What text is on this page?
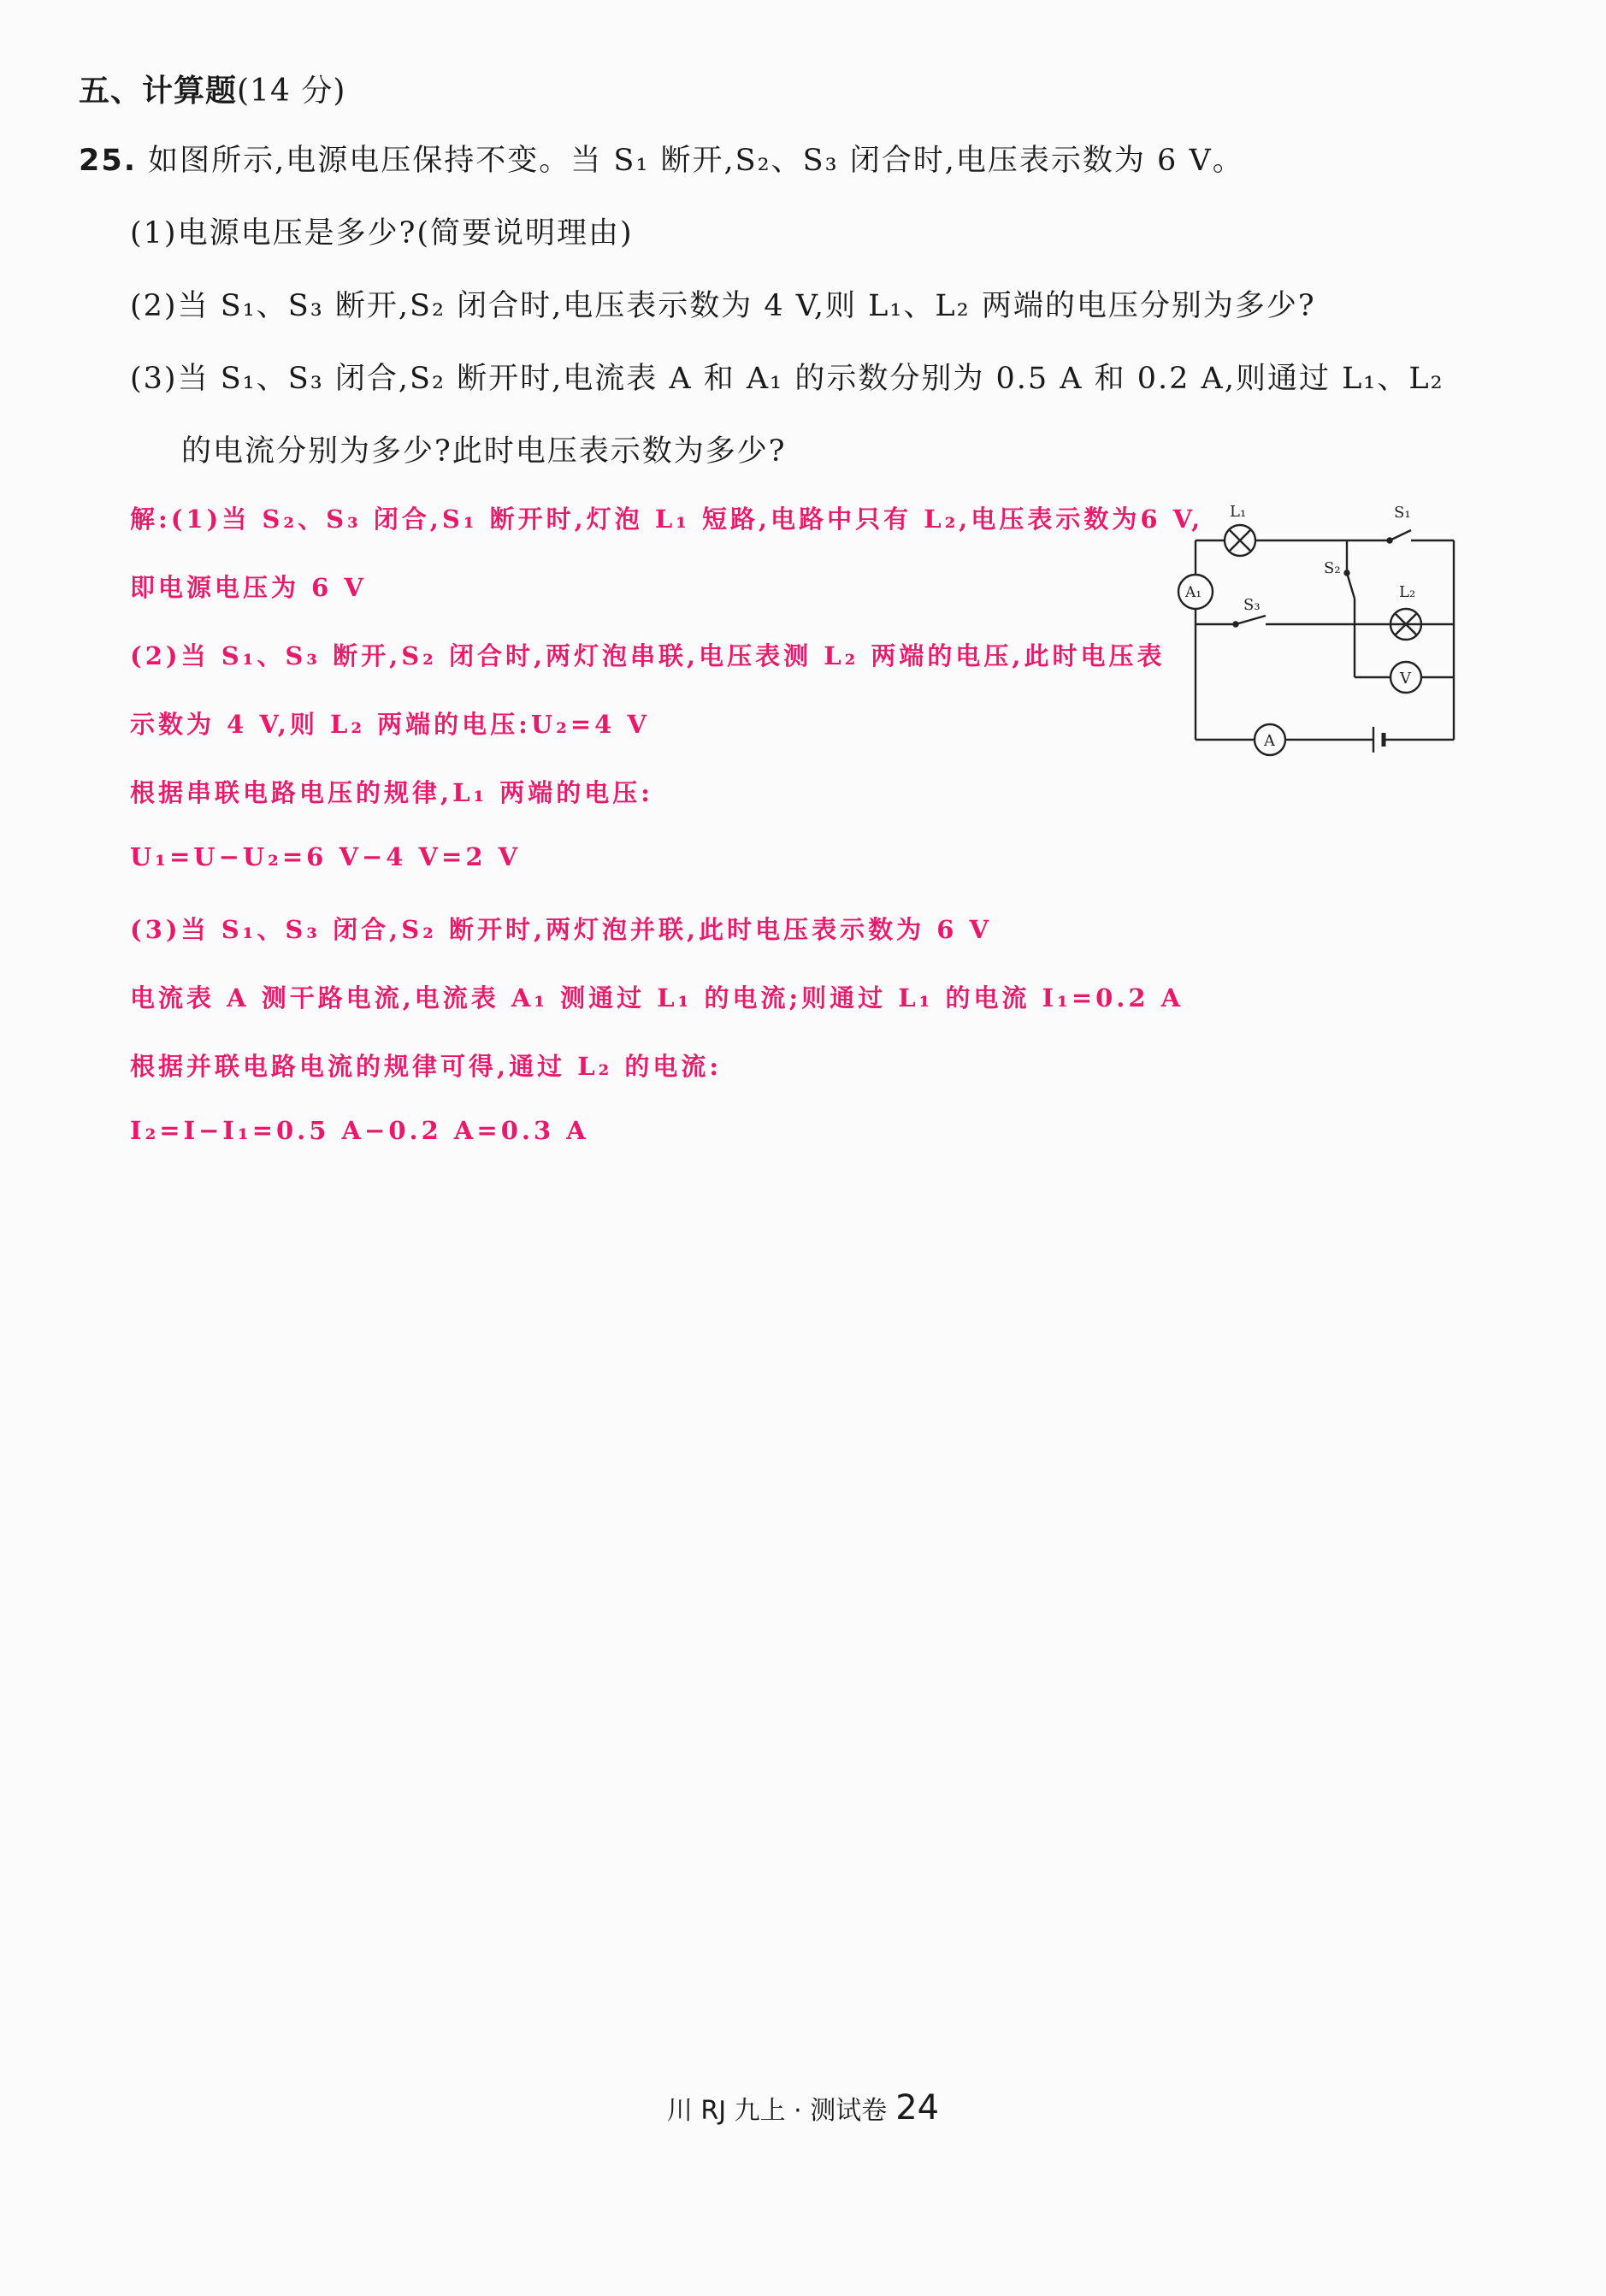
五、计算题(14 分)
25. 如图所示,电源电压保持不变。当 S₁ 断开,S₂、S₃ 闭合时,电压表示数为 6 V。
(1)电源电压是多少?(简要说明理由)
(2)当 S₁、S₃ 断开,S₂ 闭合时,电压表示数为 4 V,则 L₁、L₂ 两端的电压分别为多少?
(3)当 S₁、S₃ 闭合,S₂ 断开时,电流表 A 和 A₁ 的示数分别为 0.5 A 和 0.2 A,则通过 L₁、L₂
的电流分别为多少?此时电压表示数为多少?
解:(1)当 S₂、S₃ 闭合,S₁ 断开时,灯泡 L₁ 短路,电路中只有 L₂,电压表示数为6 V,
即电源电压为 6 V
(2)当 S₁、S₃ 断开,S₂ 闭合时,两灯泡串联,电压表测 L₂ 两端的电压,此时电压表
示数为 4 V,则 L₂ 两端的电压:U₂=4 V
根据串联电路电压的规律,L₁ 两端的电压:
U₁=U−U₂=6 V−4 V=2 V
(3)当 S₁、S₃ 闭合,S₂ 断开时,两灯泡并联,此时电压表示数为 6 V
电流表 A 测干路电流,电流表 A₁ 测通过 L₁ 的电流;则通过 L₁ 的电流 I₁=0.2 A
根据并联电路电流的规律可得,通过 L₂ 的电流:
I₂=I−I₁=0.5 A−0.2 A=0.3 A
L₁	S₁
S₂
S₃
L₂
A₁
V
A
川 RJ 九上 · 测试卷 24
